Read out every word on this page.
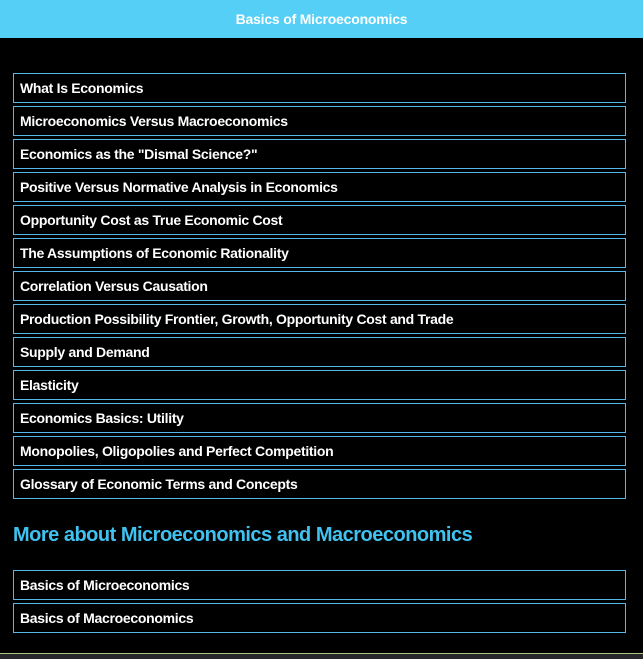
Basics of Microeconomics
What Is Economics
Microeconomics Versus Macroeconomics
Economics as the "Dismal Science?"
Positive Versus Normative Analysis in Economics
Opportunity Cost as True Economic Cost
The Assumptions of Economic Rationality
Correlation Versus Causation
Production Possibility Frontier, Growth, Opportunity Cost and Trade
Supply and Demand
Elasticity
Economics Basics: Utility
Monopolies, Oligopolies and Perfect Competition
Glossary of Economic Terms and Concepts
More about Microeconomics and Macroeconomics
Basics of Microeconomics
Basics of Macroeconomics
